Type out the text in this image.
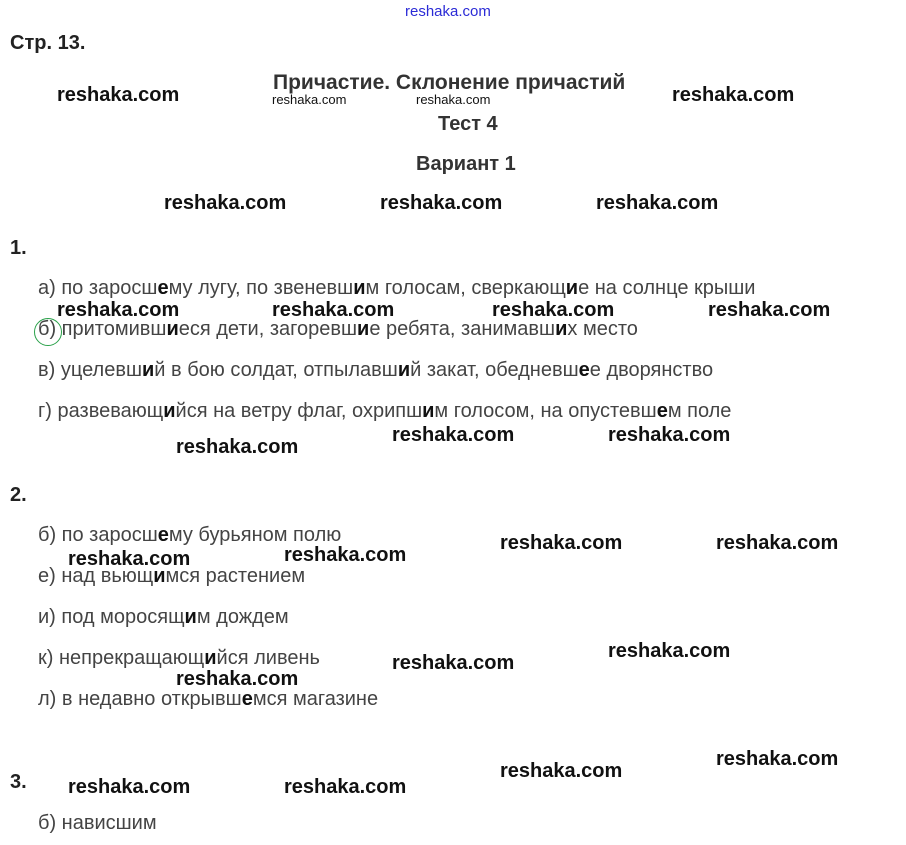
reshaka.com
Стр. 13.
Причастие. Склонение причастий
Тест 4
Вариант 1
1.
а) по заросшему лугу, по звеневшим голосам, сверкающие на солнце крыши
б) притомившиеся дети, загоревшие ребята, занимавших место
в) уцелевший в бою солдат, отпылавший закат, обедневшее дворянство
г) развевающийся на ветру флаг, охрипшим голосом, на опустевшем поле
2.
б) по заросшему бурьяном полю
е) над вьющимся растением
и) под моросящим дождем
к) непрекращающийся ливень
л) в недавно открывшемся магазине
3.
б) нависшим
reshaka.com	reshaka.com	reshaka.com	reshaka.com
reshaka.com	reshaka.com	reshaka.com
reshaka.com	reshaka.com	reshaka.com	reshaka.com
reshaka.com	reshaka.com
reshaka.com
reshaka.com	reshaka.com
reshaka.com
reshaka.com
reshaka.com
reshaka.com
reshaka.com
reshaka.com
reshaka.com
reshaka.com	reshaka.com
